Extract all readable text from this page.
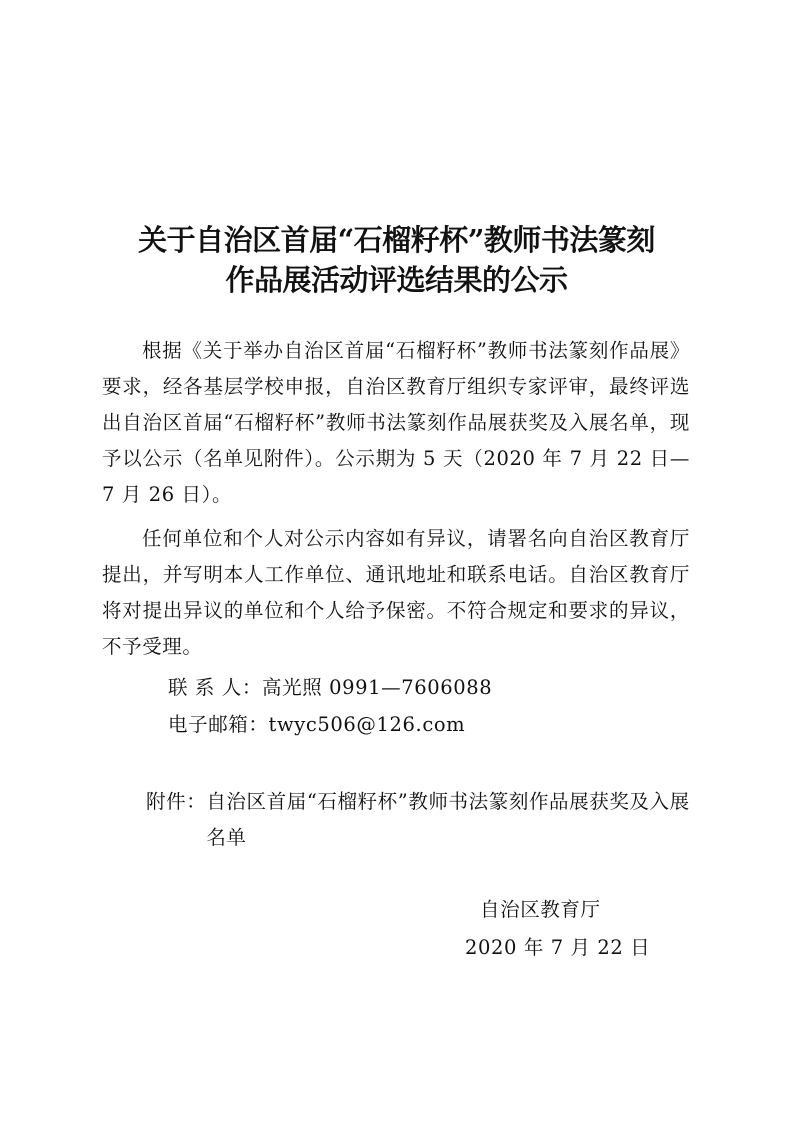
关于自治区首届“石榴籽杯”教师书法篆刻
作品展活动评选结果的公示

根据《关于举办自治区首届“石榴籽杯”教师书法篆刻作品展》要求，经各基层学校申报，自治区教育厅组织专家评审，最终评选出自治区首届“石榴籽杯”教师书法篆刻作品展获奖及入展名单，现予以公示（名单见附件）。公示期为 5 天（2020 年 7 月 22 日—7 月 26 日）。

任何单位和个人对公示内容如有异议，请署名向自治区教育厅提出，并写明本人工作单位、通讯地址和联系电话。自治区教育厅将对提出异议的单位和个人给予保密。不符合规定和要求的异议，不予受理。

联 系 人：高光照 0991—7606088
电子邮箱：twyc506@126.com
附件： 自治区首届“石榴籽杯”教师书法篆刻作品展获奖及入展名单
自治区教育厅
2020 年 7 月 22 日
